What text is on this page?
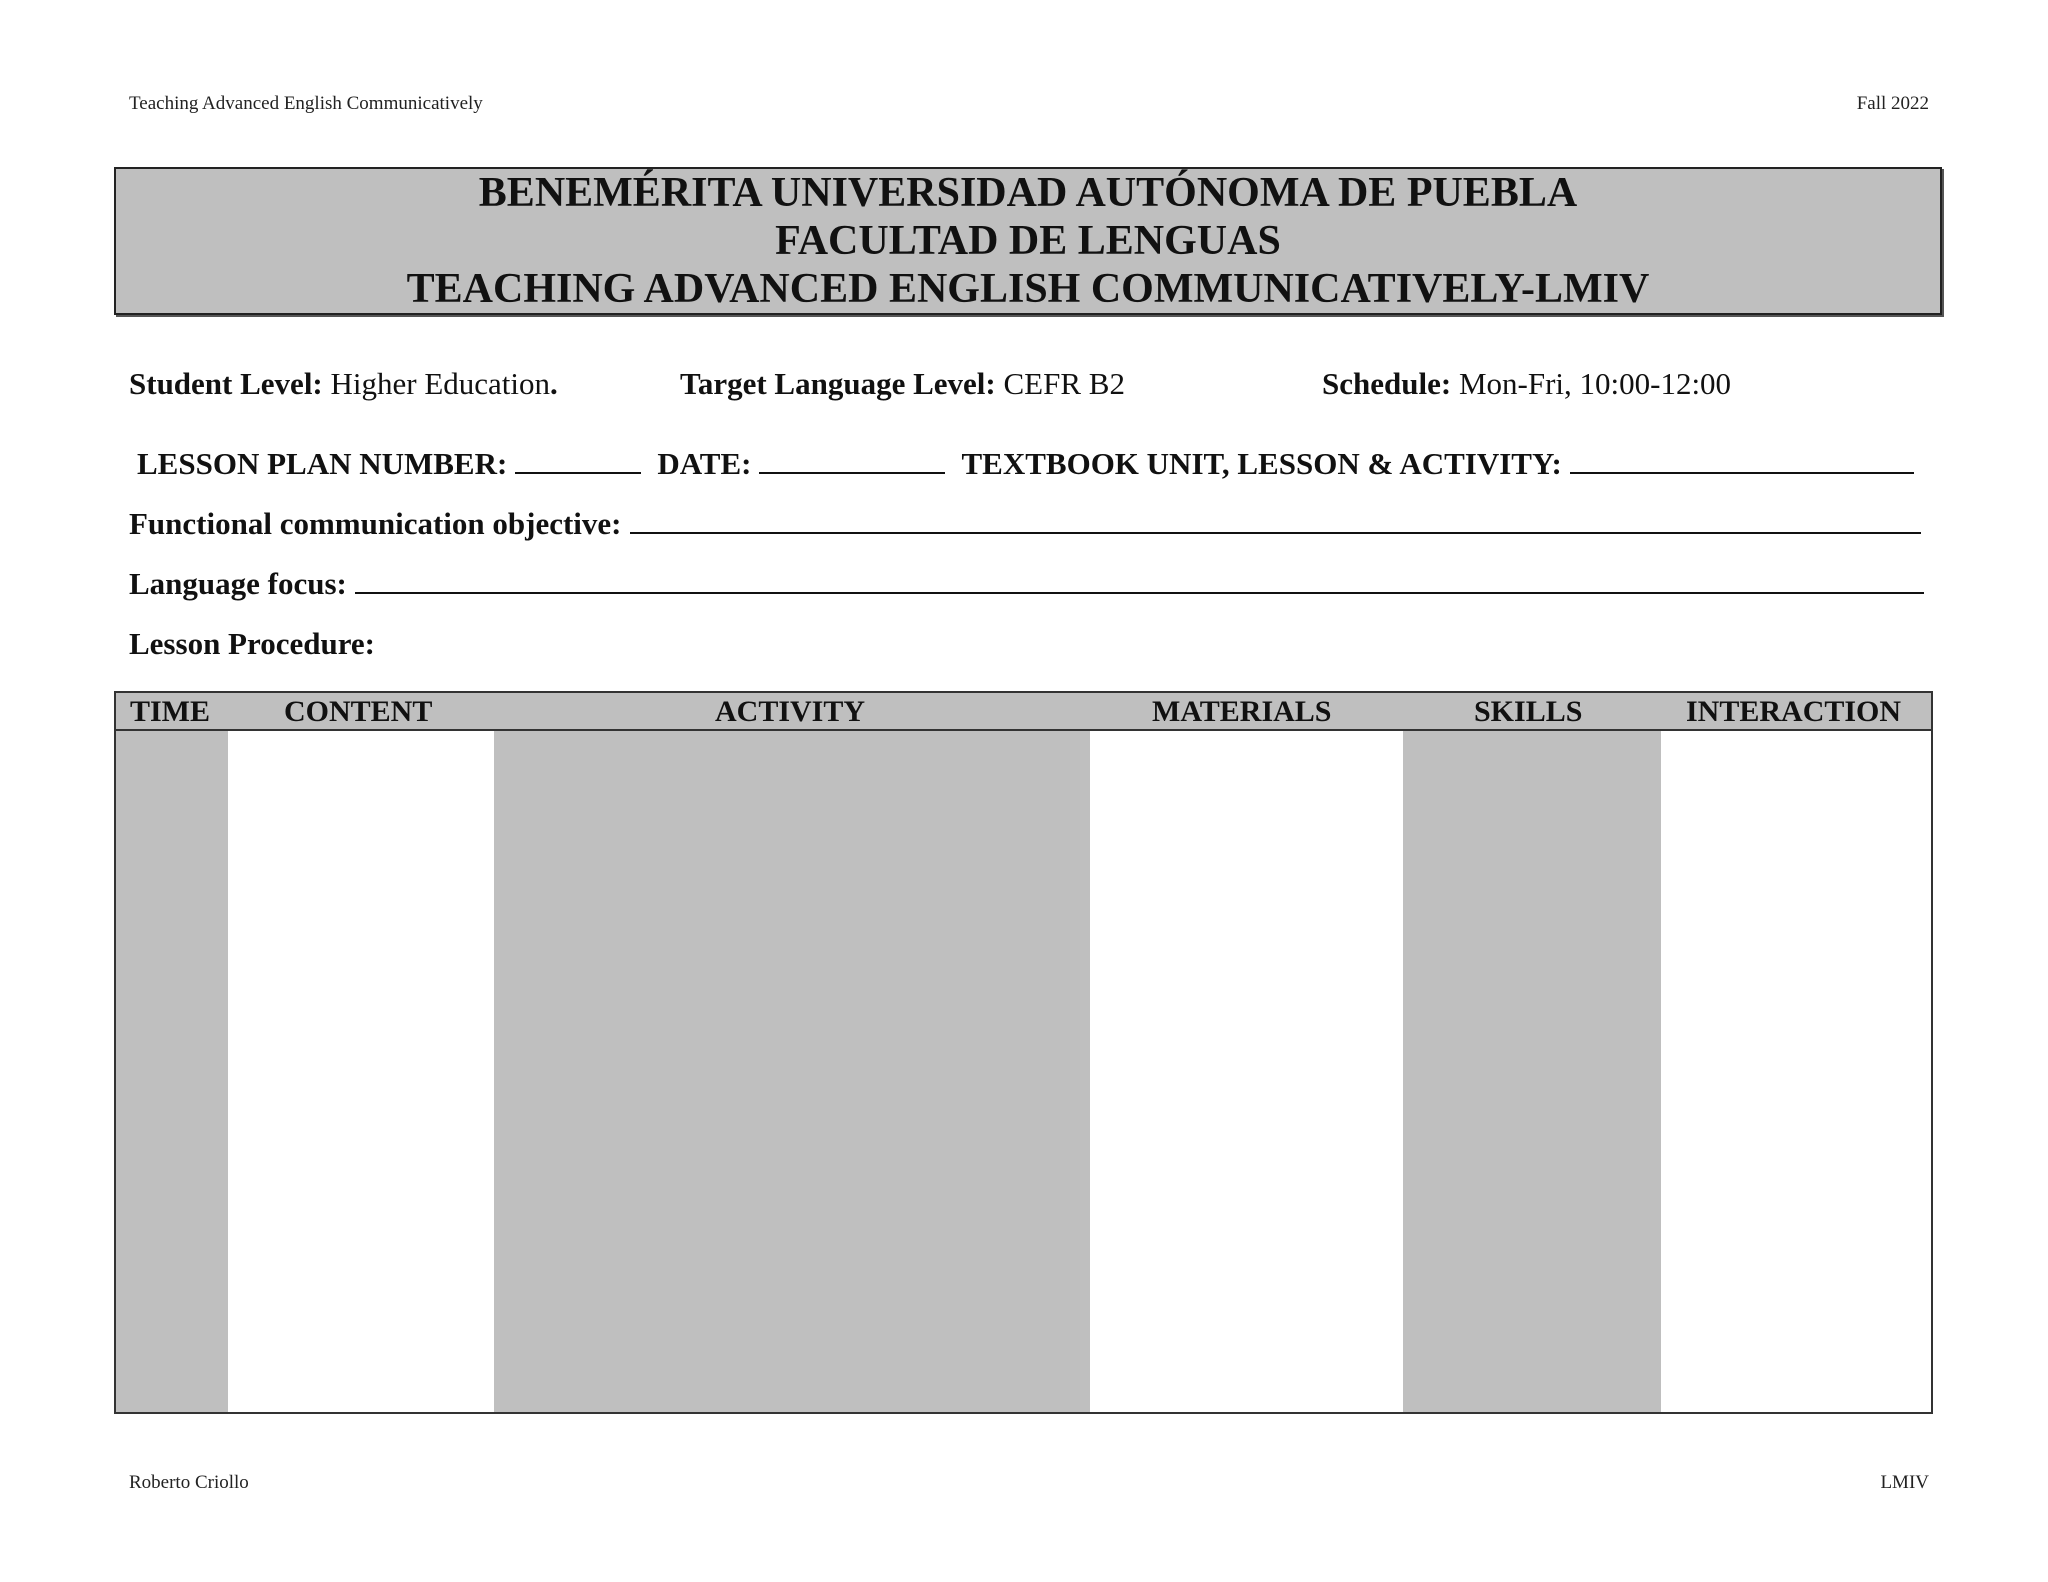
Teaching Advanced English Communicatively	Fall 2022
BENEMÉRITA UNIVERSIDAD AUTÓNOMA DE PUEBLA
FACULTAD DE LENGUAS
TEACHING ADVANCED ENGLISH COMMUNICATIVELY-LMIV
Student Level: Higher Education.	Target Language Level: CEFR B2	Schedule: Mon-Fri, 10:00-12:00
LESSON PLAN NUMBER:	DATE:	TEXTBOOK UNIT, LESSON & ACTIVITY:
Functional communication objective:
Language focus:
Lesson Procedure:
TIME CONTENT	ACTIVITY	MATERIALS	SKILLS	INTERACTION
Roberto Criollo	LMIV
